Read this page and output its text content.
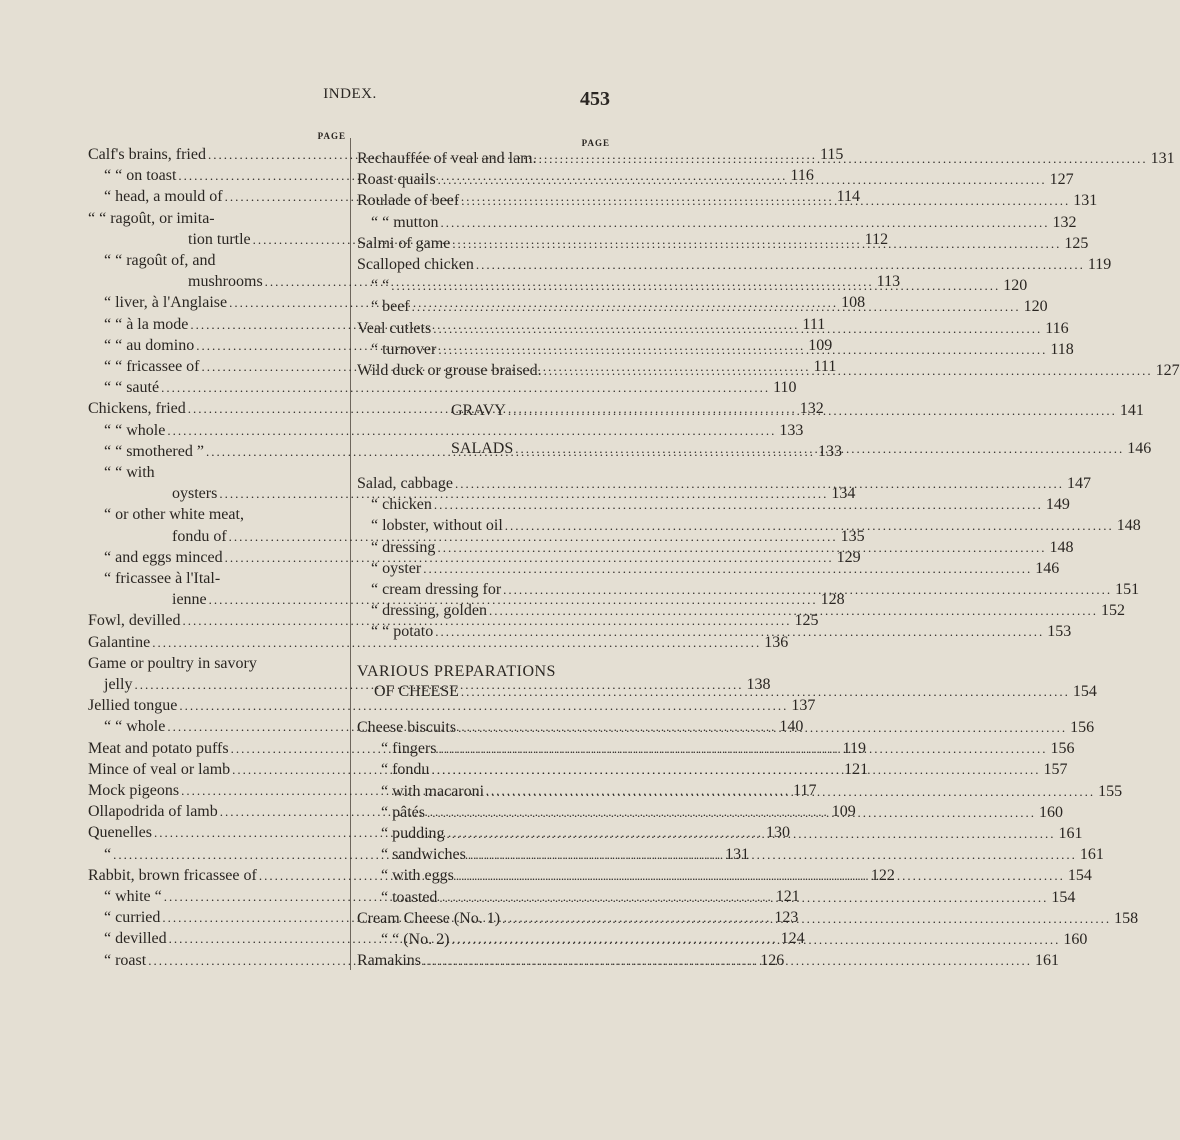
INDEX.	453
PAGE
Calf's brains, fried .....	115
“ “ on toast .....	116
“ head, a mould of .....	114
“ “ ragoût, or imita-
tion turtle .....	112
“ “ ragoût of, and
mushrooms .....	113
“ liver, à l'Anglaise .....	108
“ “ à la mode .....	111
“ “ au domino .....	109
“ “ fricassee of .....	111
“ “ sauté .....	110
Chickens, fried .....	132
“ “ whole .....	133
“ “ smothered ” .....	133
“ “ with
oysters .....	134
“ or other white meat,
fondu of .....	135
“ and eggs minced .....	129
“ fricassee à l'Ital-
ienne .....	128
Fowl, devilled .....	125
Galantine .....	136
Game or poultry in savory
jelly .....	138
Jellied tongue .....	137
“ “ whole .....	140
Meat and potato puffs .....	119
Mince of veal or lamb .....	121
Mock pigeons .....	117
Ollapodrida of lamb .....	109
Quenelles .....	130
“ .....	131
Rabbit, brown fricassee of .....	122
“ white “ .....	121
“ curried .....	123
“ devilled .....	124
“ roast .....	126
PAGE
GRAVY .....	141
SALADS .....	146
VARIOUS PREPARATIONS
OF CHEESE .....	154
Rechauffée of veal and lam. .....	131
Roast quails .....	127
Roulade of beef .....	131
“ “ mutton .....	132
Salmi of game .....	125
Scalloped chicken .....	119
“ “ .....	120
“ beef .....	120
Veal cutlets .....	116
“ turnover .....	118
Wild duck or grouse braised. .....	127
Salad, cabbage .....	147
“ chicken .....	149
“ lobster, without oil .....	148
“ dressing .....	148
“ oyster .....	146
“ cream dressing for .....	151
“ dressing, golden .....	152
“ “ potato .....	153
Cheese biscuits .....	156
“ fingers .....	156
“ fondu .....	157
“ with macaroni .....	155
“ pâtés .....	160
“ pudding .....	161
“ sandwiches .....	161
“ with eggs .....	154
“ toasted .....	154
Cream Cheese (No. 1) .....	158
“ “ (No. 2) .....	160
Ramakins .....	161
